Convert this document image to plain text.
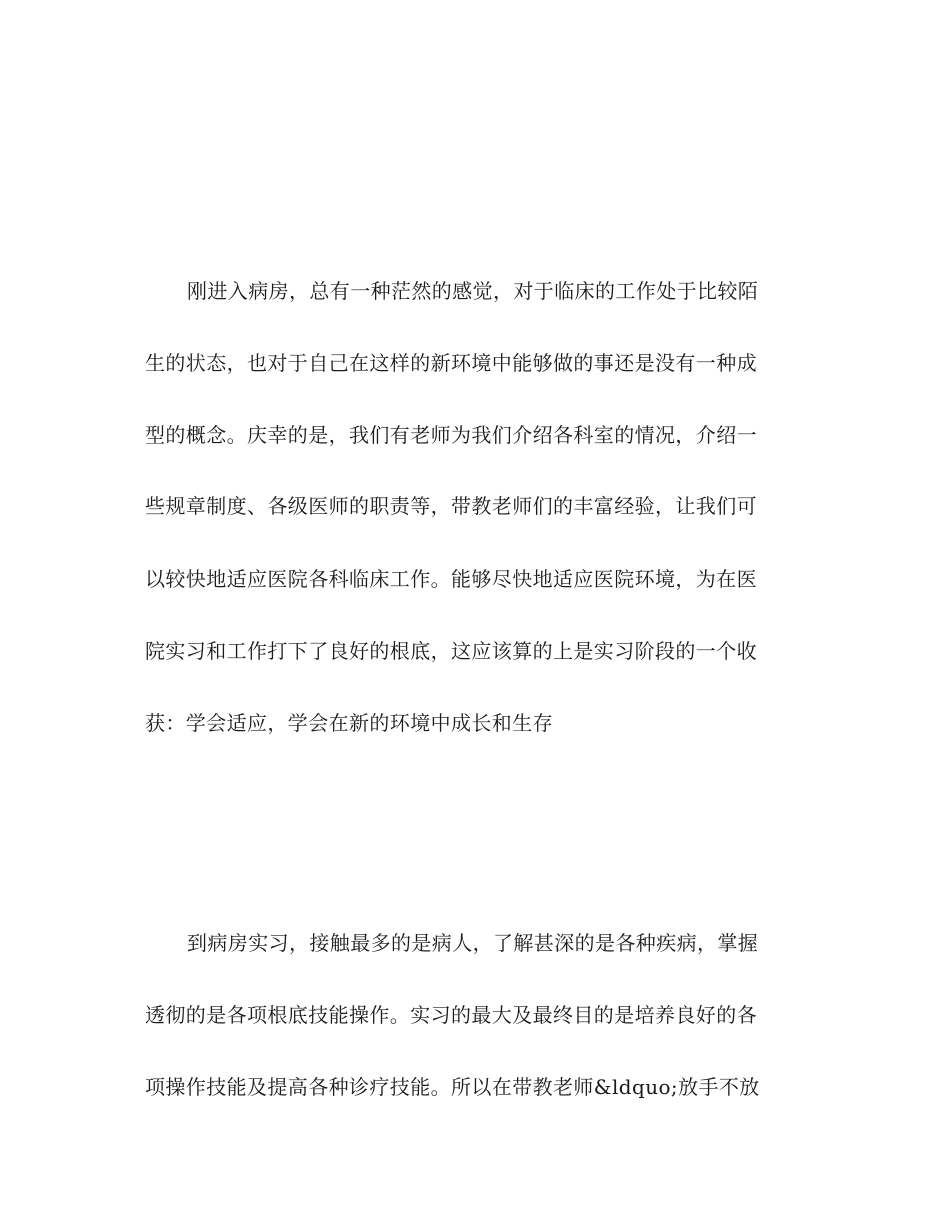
刚进入病房，总有一种茫然的感觉，对于临床的工作处于比较陌
生的状态，也对于自己在这样的新环境中能够做的事还是没有一种成
型的概念。庆幸的是，我们有老师为我们介绍各科室的情况，介绍一
些规章制度、各级医师的职责等，带教老师们的丰富经验，让我们可
以较快地适应医院各科临床工作。能够尽快地适应医院环境，为在医
院实习和工作打下了良好的根底，这应该算的上是实习阶段的一个收
获：学会适应，学会在新的环境中成长和生存
到病房实习，接触最多的是病人，了解甚深的是各种疾病，掌握
透彻的是各项根底技能操作。实习的最大及最终目的是培养良好的各
项操作技能及提高各种诊疗技能。所以在带教老师&ldquo;放手不放
